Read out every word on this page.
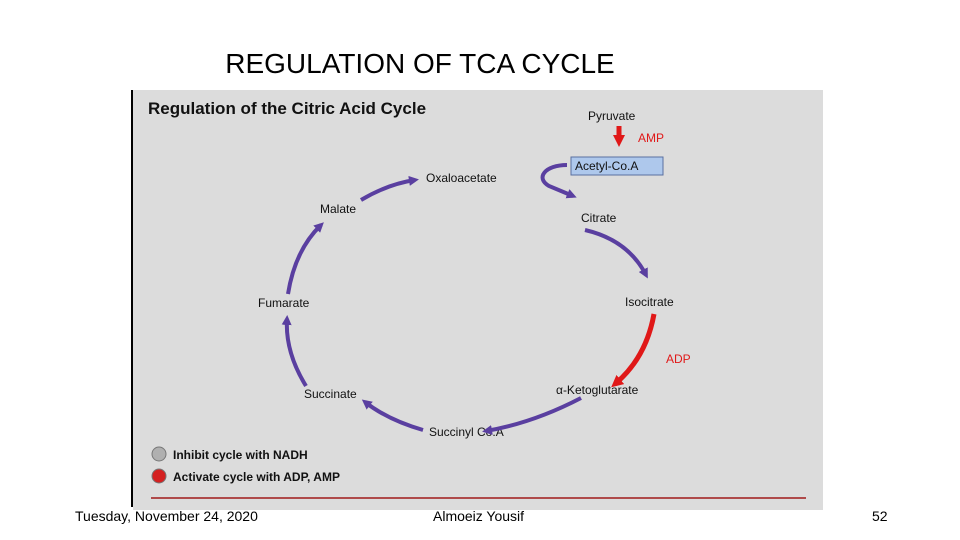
REGULATION OF TCA CYCLE
Regulation of the Citric Acid Cycle	Pyruvate
AMP
Acetyl-Co.A
Oxaloacetate
Citrate
Isocitrate
ADP
α-Ketoglutarate
Succinyl Co.A
Succinate
Fumarate
Malate
Inhibit cycle with NADH
Activate cycle with ADP, AMP
Tuesday, November 24, 2020	Almoeiz Yousif	52
